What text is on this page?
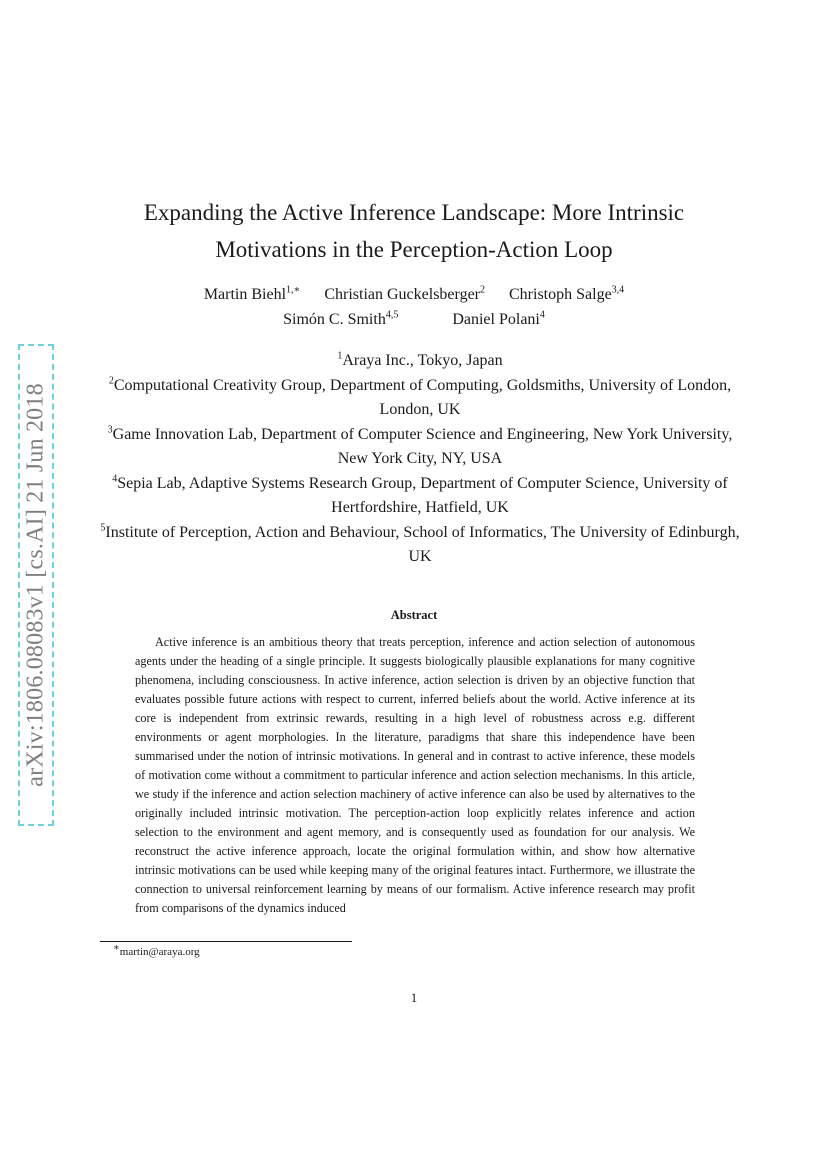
arXiv:1806.08083v1 [cs.AI] 21 Jun 2018
Expanding the Active Inference Landscape: More Intrinsic
Motivations in the Perception-Action Loop
Martin Biehl$^{1,∗}$ Christian Guckelsberger$^2$ Christoph Salge$^{3,4}$
Simón C. Smith$^{4,5}$	Daniel Polani$^4$
$^1$Araya Inc., Tokyo, Japan
$^2$Computational Creativity Group, Department of Computing, Goldsmiths, University of London, London, UK
$^3$Game Innovation Lab, Department of Computer Science and Engineering, New York University, New York City, NY, USA
$^4$Sepia Lab, Adaptive Systems Research Group, Department of Computer Science, University of Hertfordshire, Hatfield, UK
$^5$Institute of Perception, Action and Behaviour, School of Informatics, The University of Edinburgh, UK
Abstract

Active inference is an ambitious theory that treats perception, inference and action selection of autonomous agents under the heading of a single principle. It suggests biologically plausible explanations for many cognitive phenomena, including consciousness. In active inference, action selection is driven by an objective function that evaluates possible future actions with respect to current, inferred beliefs about the world. Active inference at its core is independent from extrinsic rewards, resulting in a high level of robustness across e.g. different environments or agent morphologies. In the literature, paradigms that share this independence have been summarised under the notion of intrinsic motivations. In general and in contrast to active inference, these models of motivation come without a commitment to particular inference and action selection mechanisms. In this article, we study if the inference and action selection machinery of active inference can also be used by alternatives to the originally included intrinsic motivation. The perception-action loop explicitly relates inference and action selection to the environment and agent memory, and is consequently used as foundation for our analysis. We reconstruct the active inference approach, locate the original formulation within, and show how alternative intrinsic motivations can be used while keeping many of the original features intact. Furthermore, we illustrate the connection to universal reinforcement learning by means of our formalism. Active inference research may profit from comparisons of the dynamics induced

∗martin@araya.org
1
